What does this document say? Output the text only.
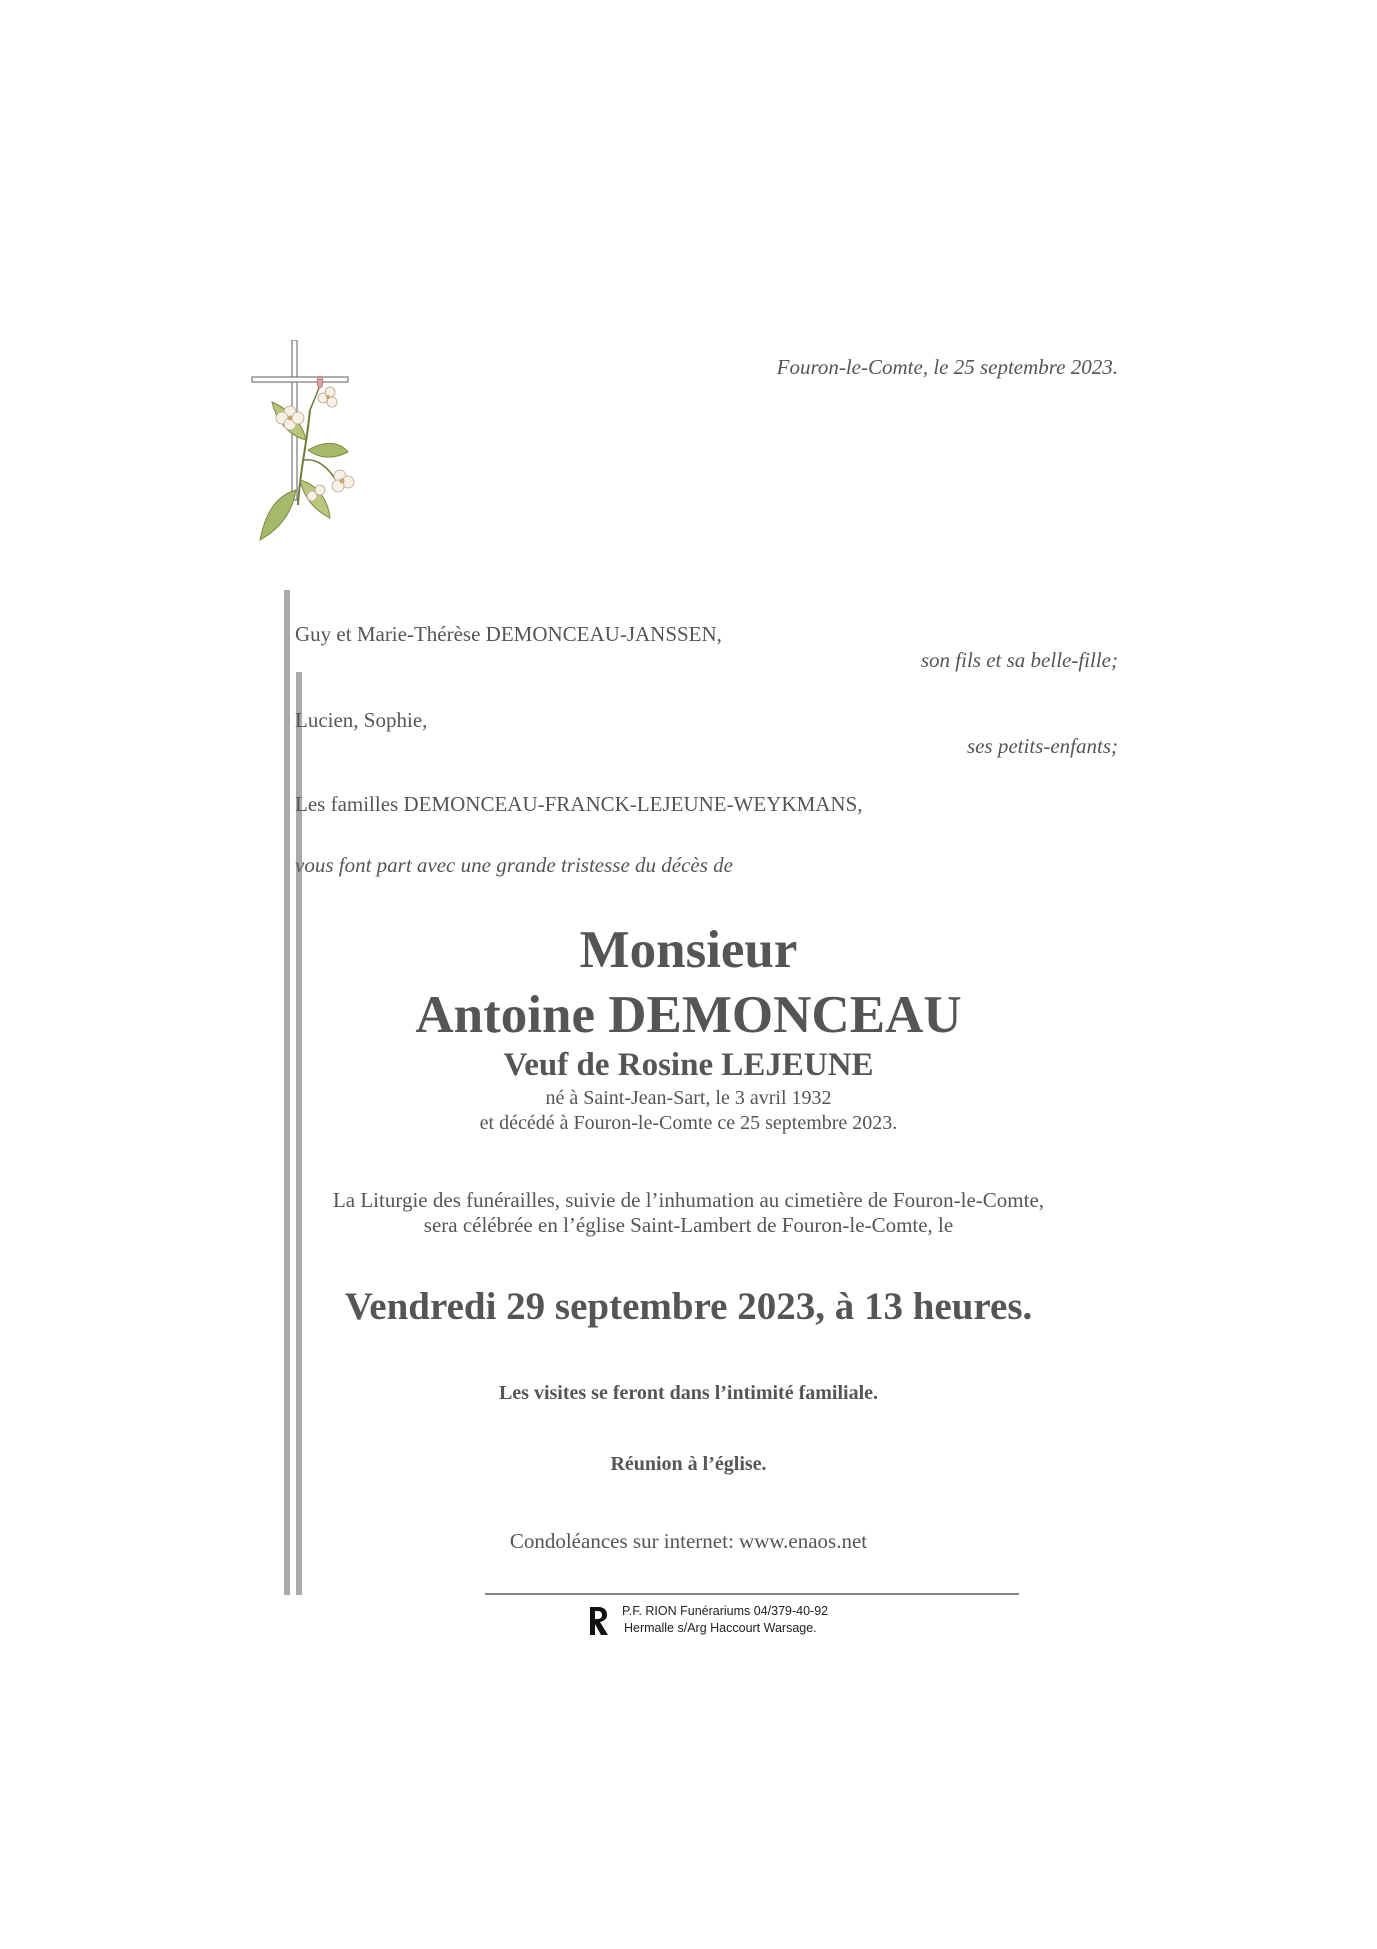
Fouron-le-Comte, le 25 septembre 2023.
Guy et Marie-Thérèse DEMONCEAU-JANSSEN,
son fils et sa belle-fille;
Lucien, Sophie,
ses petits-enfants;
Les familles DEMONCEAU-FRANCK-LEJEUNE-WEYKMANS,
vous font part avec une grande tristesse du décès de
Monsieur
Antoine DEMONCEAU
Veuf de Rosine LEJEUNE
né à Saint-Jean-Sart, le 3 avril 1932
et décédé à Fouron-le-Comte ce 25 septembre 2023.
La Liturgie des funérailles, suivie de l’inhumation au cimetière de Fouron-le-Comte,
sera célébrée en l’église Saint-Lambert de Fouron-le-Comte, le
Vendredi 29 septembre 2023, à 13 heures.
Les visites se feront dans l’intimité familiale.
Réunion à l’église.
Condoléances sur internet: www.enaos.net
P.F. RION Funérariums 04/379-40-92
Hermalle s/Arg Haccourt Warsage.
